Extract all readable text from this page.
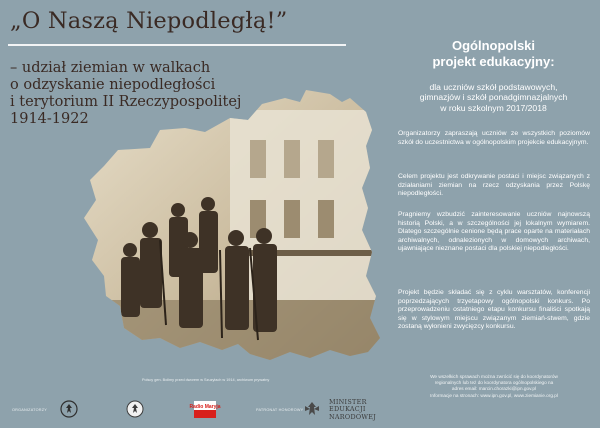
„O Naszą Niepodległą!”
– udział ziemian w walkach
o odzyskanie niepodległości
i terytorium II Rzeczypospolitej
1914-1922
Polscy gen. Bolimy przed dworem w Szuzyłach w 1914, archiwum prywatny
Ogólnopolski
projekt edukacyjny:
dla uczniów szkół podstawowych,
gimnazjów i szkół ponadgimnazjalnych
w roku szkolnym 2017/2018

Organizatorzy zapraszają uczniów ze wszystkich poziomów szkół do uczestnictwa w ogólnopolskim projekcie edukacyjnym.

Celem projektu jest odkrywanie postaci i miejsc związanych z działaniami ziemian na rzecz odzyskania przez Polskę niepodległości.

Pragniemy wzbudzić zainteresowanie uczniów najnowszą historią Polski, a w szczególności jej lokalnym wymiarem. Dlatego szczególnie cenione będą prace oparte na materiałach archiwalnych, odnalezionych w domowych archiwach, ujawniające nieznane postaci dla polskiej niepodległości.

Projekt będzie składać się z cyklu warsztatów, konferencji poprzedzających trzyetapowy ogólnopolski konkurs. Po przeprowadzeniu ostatniego etapu konkursu finaliści spotkają się w stylowym miejscu związanym ziemiań-stwem, gdzie zostaną wyłonieni zwycięzcy konkursu.

We wszelkich sprawach można zwrócić się do koordynatorów
regionalnych lub też do koordynatora ogólnopolskiego na
adres email: marcin.chorazki@ipn.gov.pl
Informacje na stronach: www.ipn.gov.pl, www.ziemianie.org.pl
ORGANIZATORZY	Radio Maryja	PATRONAT HONOROWY
MINISTER
EDUKACJI
NARODOWEJ
